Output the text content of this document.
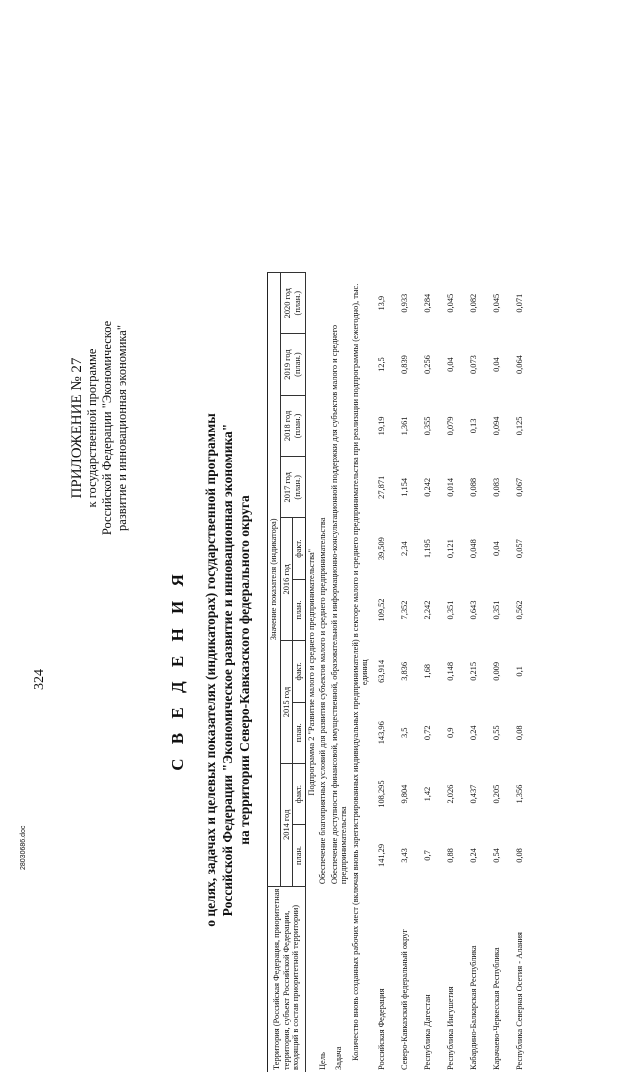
324
ПРИЛОЖЕНИЕ № 27 к государственной программе Российской Федерации "Экономическое развитие и инновационная экономика"
С В Е Д Е Н И Я о целях, задачах и целевых показателях (индикаторах) государственной программы Российской Федерации "Экономическое развитие и инновационная экономика" на территории Северо-Кавказского федерального округа
Территория (Российская Федерация, приоритетная территория, субъект Российской Федерации, входящий в состав приоритетной территории)	Значение показателя (индикатора)									
	2014 год		2015 год		2016 год		2017 год (план.)	2018 год (план.)	2019 год (план.)	2020 год (план.)
	план.	факт.	план.	факт.	план.	факт.				
Подпрограмма 2 "Развитие малого и среднего предпринимательства"										
Цель	Обеспечение благоприятных условий для развития субъектов малого и среднего предпринимательства									
Задача	Обеспечение доступности финансовой, имущественной, образовательной и информационно-консультационной поддержки для субъектов малого и среднего предпринимательства									
Количество вновь созданных рабочих мест (включая вновь зарегистрированных индивидуальных предпринимателей) в секторе малого и среднего предпринимательства при реализации подпрограммы (ежегодно), тыс. единиц										
Российская Федерация	141,29	108,295	143,96	63,914	109,52	39,509	27,871	19,19	12,5	13,9
Северо-Кавказский федеральный округ	3,43	9,804	3,5	3,836	7,352	2,34	1,154	1,361	0,839	0,933
Республика Дагестан	0,7	1,42	0,72	1,68	2,242	1,195	0,242	0,355	0,256	0,284
Республика Ингушетия	0,88	2,026	0,9	0,148	0,351	0,121	0,014	0,079	0,04	0,045
Кабардино-Балкарская Республика	0,24	0,437	0,24	0,215	0,643	0,048	0,088	0,13	0,073	0,082
Карачаево-Черкесская Республика	0,54	0,205	0,55	0,009	0,351	0,04	0,083	0,094	0,04	0,045
Республика Северная Осетия - Алания	0,08	1,356	0,08	0,1	0,562	0,057	0,067	0,125	0,064	0,071
28030686.doc
